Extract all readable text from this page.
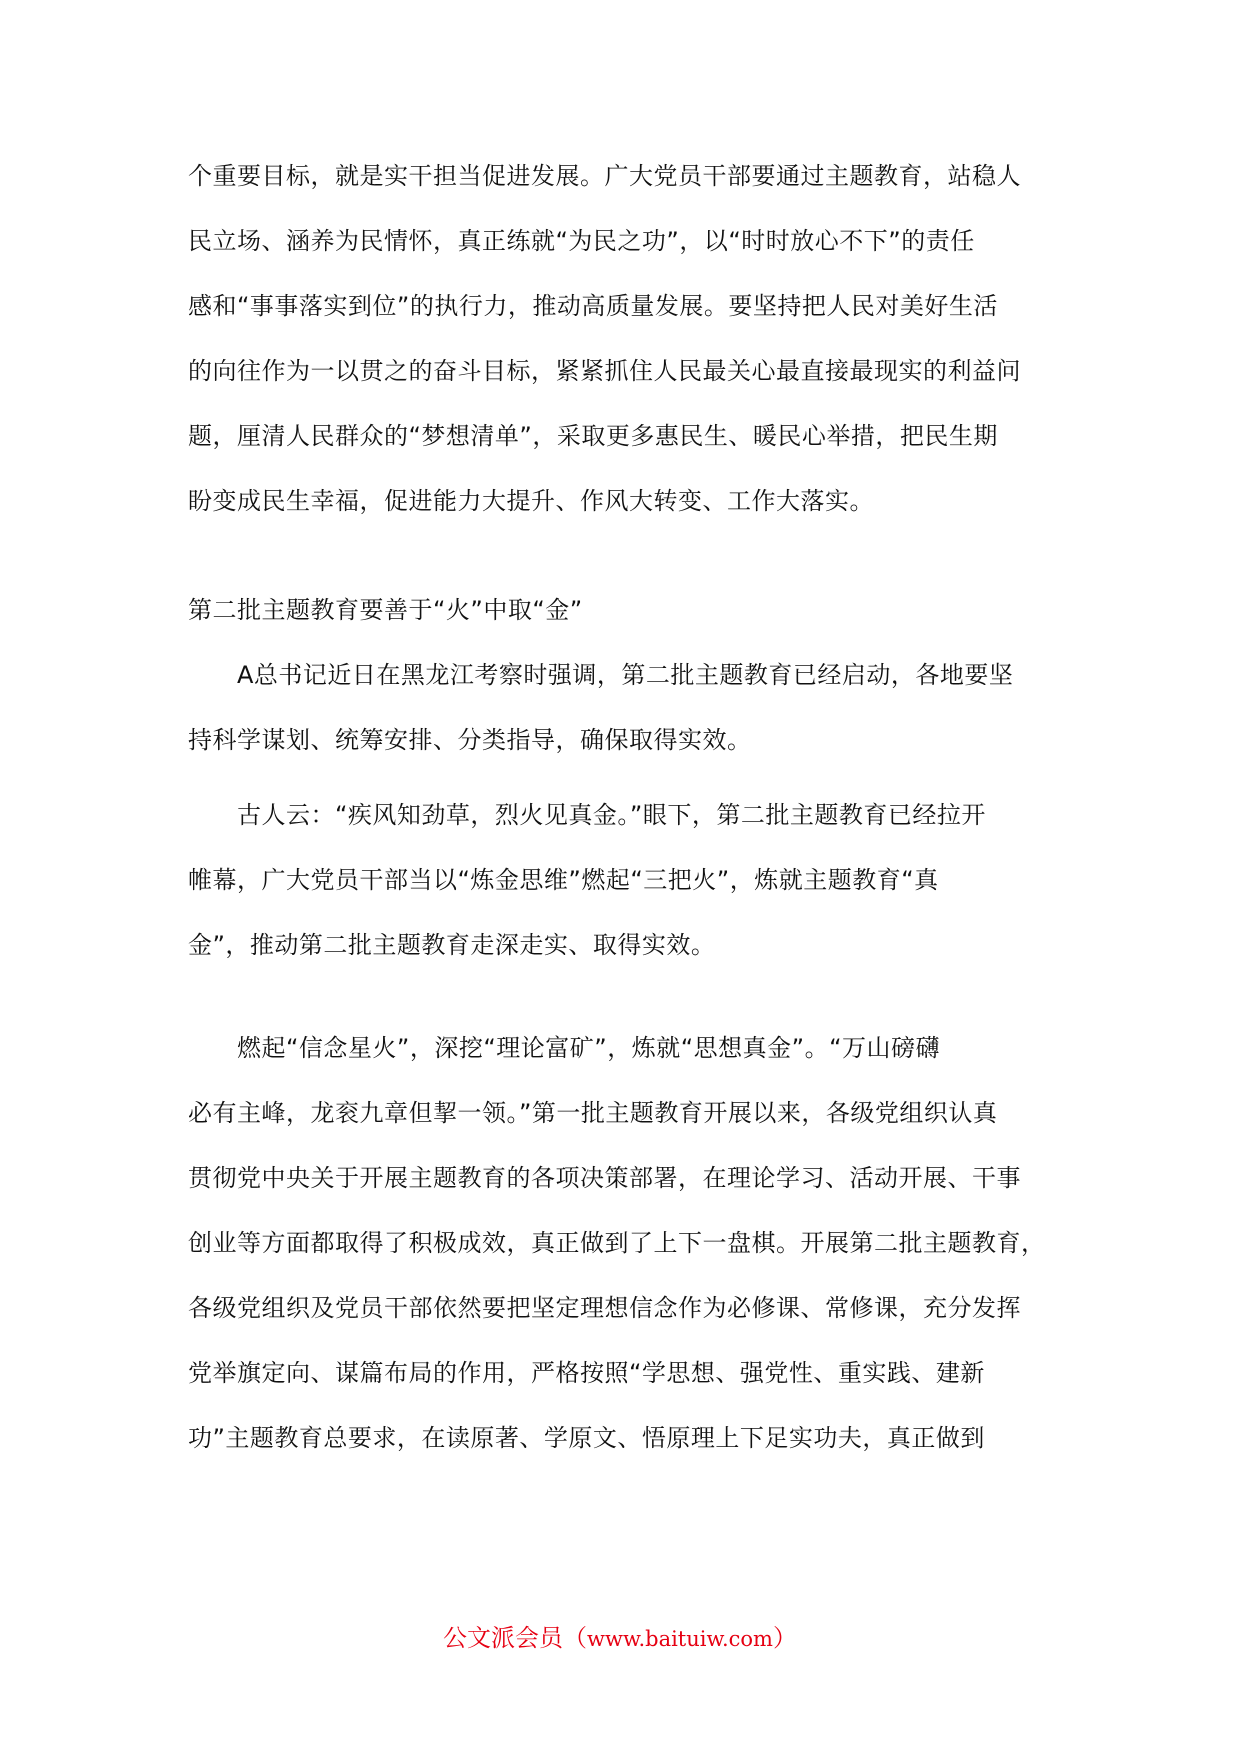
个重要目标，就是实干担当促进发展。广大党员干部要通过主题教育，站稳人
民立场、涵养为民情怀，真正练就“为民之功”，以“时时放心不下”的责任
感和“事事落实到位”的执行力，推动高质量发展。要坚持把人民对美好生活
的向往作为一以贯之的奋斗目标，紧紧抓住人民最关心最直接最现实的利益问
题，厘清人民群众的“梦想清单”，采取更多惠民生、暖民心举措，把民生期
盼变成民生幸福，促进能力大提升、作风大转变、工作大落实。
第二批主题教育要善于“火”中取“金”
　　A总书记近日在黑龙江考察时强调，第二批主题教育已经启动，各地要坚
持科学谋划、统筹安排、分类指导，确保取得实效。
　　古人云：“疾风知劲草，烈火见真金。”眼下，第二批主题教育已经拉开
帷幕，广大党员干部当以“炼金思维”燃起“三把火”，炼就主题教育“真
金”，推动第二批主题教育走深走实、取得实效。
　　燃起“信念星火”，深挖“理论富矿”，炼就“思想真金”。“万山磅礴
必有主峰，龙衮九章但挈一领。”第一批主题教育开展以来，各级党组织认真
贯彻党中央关于开展主题教育的各项决策部署，在理论学习、活动开展、干事
创业等方面都取得了积极成效，真正做到了上下一盘棋。开展第二批主题教育，
各级党组织及党员干部依然要把坚定理想信念作为必修课、常修课，充分发挥
党举旗定向、谋篇布局的作用，严格按照“学思想、强党性、重实践、建新
功”主题教育总要求，在读原著、学原文、悟原理上下足实功夫，真正做到
公文派会员（www.baituiw.com）
